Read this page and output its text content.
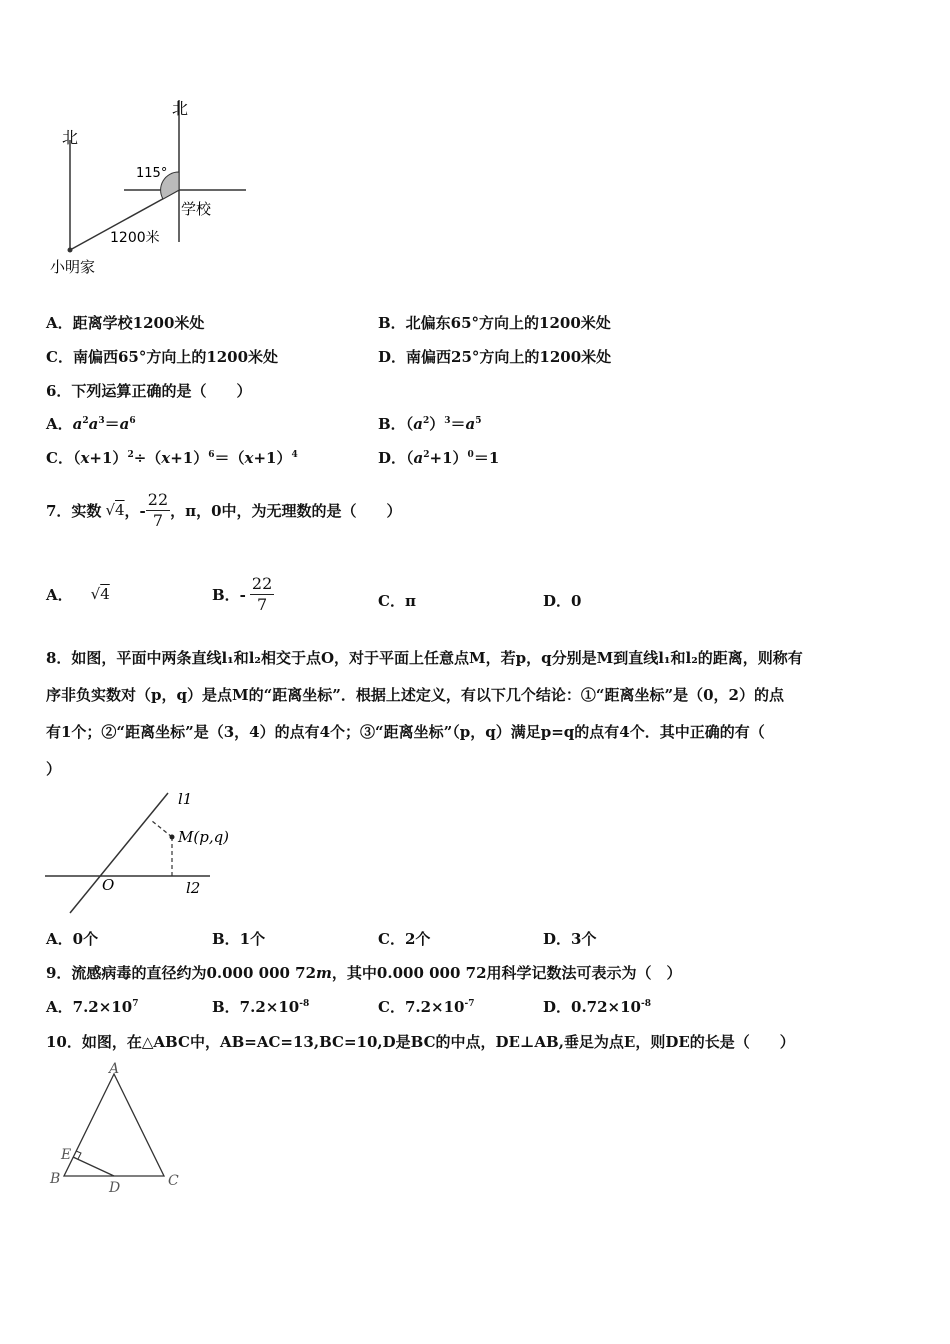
北
北
115°
学校
1200米
小明家
A．距离学校1200米处	B．北偏东65°方向上的1200米处
C．南偏西65°方向上的1200米处	D．南偏西25°方向上的1200米处
6．下列运算正确的是（　　）
A．$a^2a^3=a^6$	B．$(a^2)^3=a^5$
C．$(x+1)^2\div(x+1)^6=(x+1)^4$	D．$(a^2+1)^0=1$
7．实数 √4 ，- $\frac{22}{7}$ ，π，0中，为无理数的是（　　）
A． √4	B．- $\frac{22}{7}$	C．π	D．0
8．如图，平面中两条直线l₁和l₂相交于点O，对于平面上任意点M，若p，q分别是M到直线l₁和l₂的距离，则称有
序非负实数对（p，q）是点M的“距离坐标”．根据上述定义，有以下几个结论：①“距离坐标”是（0，2）的点
有1个；②“距离坐标”是（3，4）的点有4个；③“距离坐标”（p，q）满足p=q的点有4个．其中正确的有（
）
l1
M(p,q)
O	l2
A．0个	B．1个	C．2个	D．3个
9．流感病毒的直径约为0.000 000 72m，其中0.000 000 72用科学记数法可表示为（　）
A．$7.2\times 10^7$	B．$7.2\times 10^{-8}$	C．$7.2\times 10^{-7}$	D．$0.72\times 10^{-8}$
10．如图，在△ABC中，AB=AC=13,BC=10,D是BC的中点，DE⊥AB,垂足为点E，则DE的长是（　　）
A
E
B
D	C
